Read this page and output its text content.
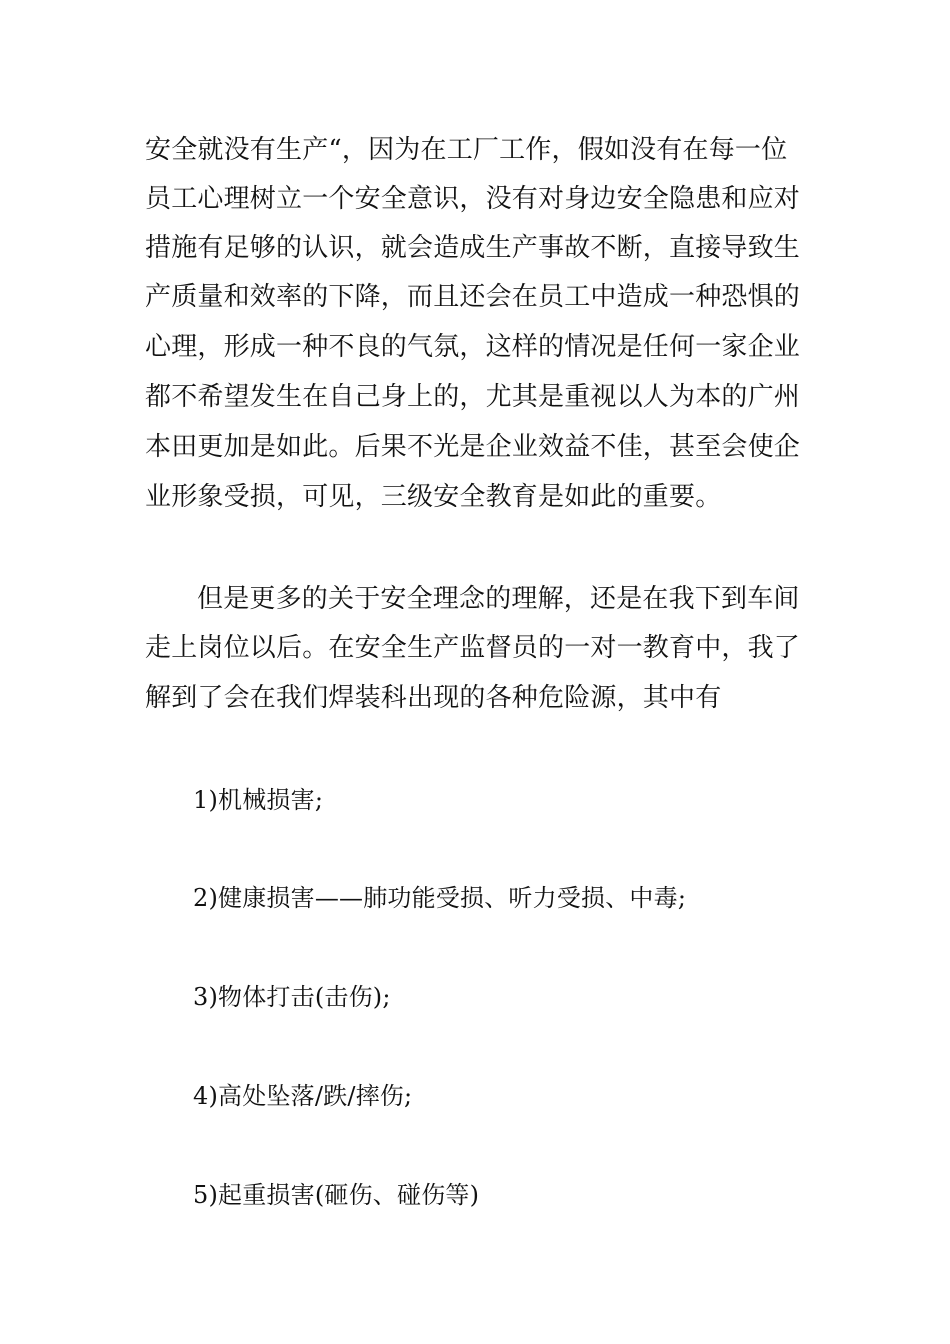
安全就没有生产“，因为在工厂工作，假如没有在每一位
员工心理树立一个安全意识，没有对身边安全隐患和应对
措施有足够的认识，就会造成生产事故不断，直接导致生
产质量和效率的下降，而且还会在员工中造成一种恐惧的
心理，形成一种不良的气氛，这样的情况是任何一家企业
都不希望发生在自己身上的，尤其是重视以人为本的广州
本田更加是如此。后果不光是企业效益不佳，甚至会使企
业形象受损，可见，三级安全教育是如此的重要。
但是更多的关于安全理念的理解，还是在我下到车间
走上岗位以后。在安全生产监督员的一对一教育中，我了
解到了会在我们焊装科出现的各种危险源，其中有
1)机械损害;
2)健康损害——肺功能受损、听力受损、中毒;
3)物体打击(击伤);
4)高处坠落/跌/摔伤;
5)起重损害(砸伤、碰伤等)
